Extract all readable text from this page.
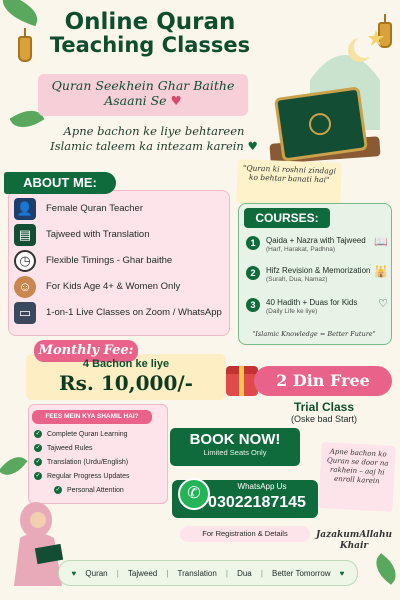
Online Quran
Teaching Classes
Quran Seekhein Ghar Baithe
Asaani Se ♥
Apne bachon ke liye behtareen
Islamic taleem ka intezam karein ♥
"Quran ki roshni zindagi ko behtar banati hai"
ABOUT ME:
👤	Female Quran Teacher
▤	Tajweed with Translation
◷	Flexible Timings - Ghar baithe
☺	For Kids Age 4+ & Women Only
▭	1-on-1 Live Classes on Zoom / WhatsApp
COURSES:
1	Qaida + Nazra with Tajweed
(Harf, Harakat, Padhna)
📖
2	Hifz Revision & Memorization
(Surah, Dua, Namaz)
🕌
3	40 Hadith + Duas for Kids
(Daily Life ke liye)
♡
"Islamic Knowledge = Better Future"
Monthly Fee:
4 Bachon ke liye
Rs. 10,000/-	2 Din Free
Trial Class
(Oske bad Start)
FEES MEIN KYA SHAMIL HAI?
✓ Complete Quran Learning
✓ Tajweed Rules
✓ Translation (Urdu/English)
✓ Regular Progress Updates
✓ Personal Attention
BOOK NOW!
Limited Seats Only
✆	WhatsApp Us
03022187145
For Registration & Details
Apne bachon ko Quran se door na rakhein – aaj hi enroll karein
JazakumAllahu
Khair
♥ Quran | Tajweed | Translation | Dua | Better Tomorrow ♥
